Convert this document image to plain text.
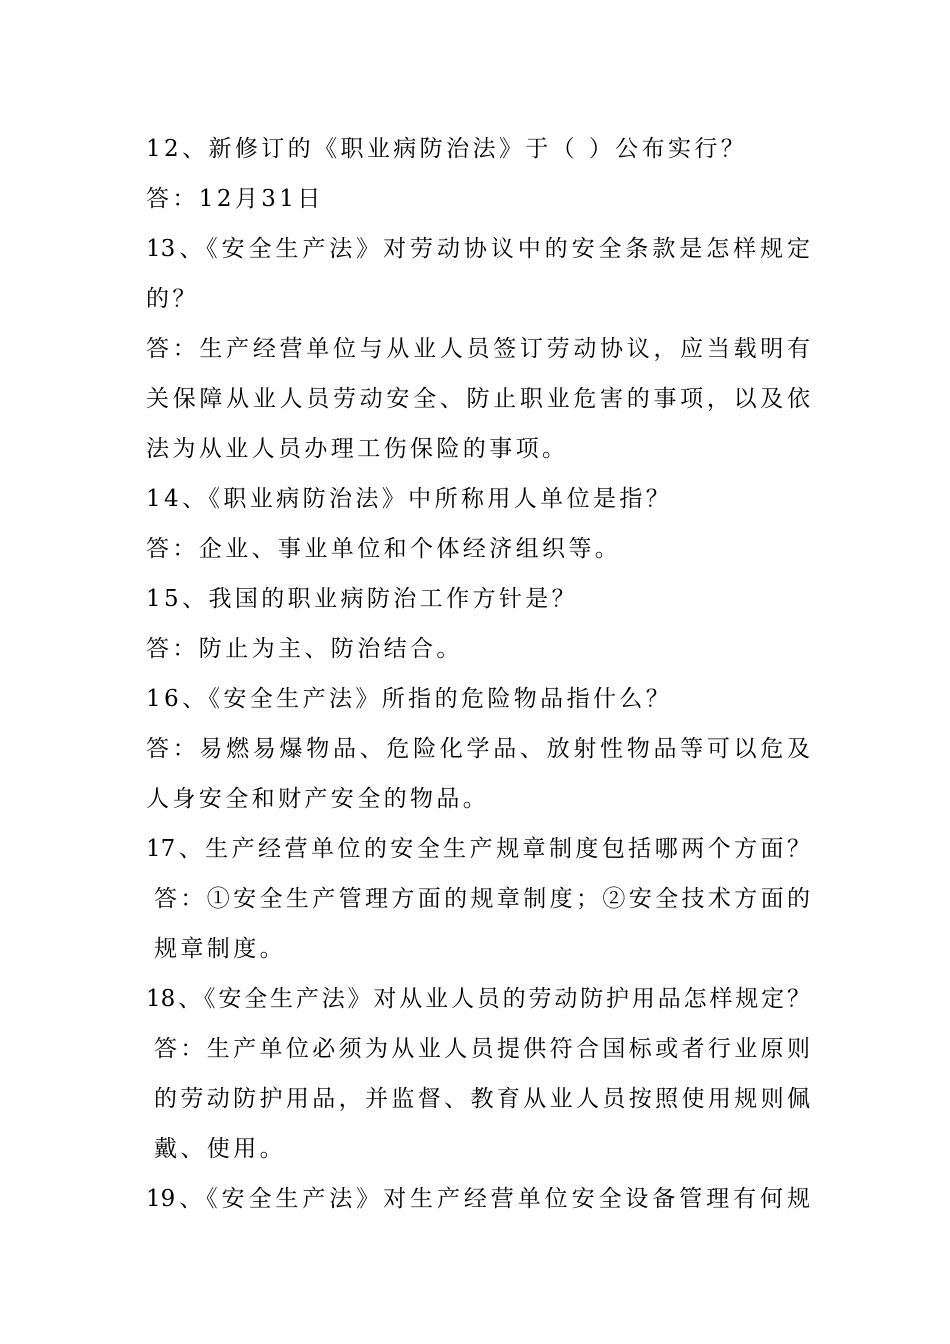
12、新修订的《职业病防治法》于（ ）公布实行？
答：12月31日
13、《安全生产法》对劳动协议中的安全条款是怎样规定
的？
答：生产经营单位与从业人员签订劳动协议，应当载明有
关保障从业人员劳动安全、防止职业危害的事项，以及依
法为从业人员办理工伤保险的事项。
14、《职业病防治法》中所称用人单位是指？
答：企业、事业单位和个体经济组织等。
15、我国的职业病防治工作方针是？
答：防止为主、防治结合。
16、《安全生产法》所指的危险物品指什么？
答：易燃易爆物品、危险化学品、放射性物品等可以危及
人身安全和财产安全的物品。
17、生产经营单位的安全生产规章制度包括哪两个方面？
答：①安全生产管理方面的规章制度；②安全技术方面的
规章制度。
18、《安全生产法》对从业人员的劳动防护用品怎样规定？
答：生产单位必须为从业人员提供符合国标或者行业原则
的劳动防护用品，并监督、教育从业人员按照使用规则佩
戴、使用。
19、《安全生产法》对生产经营单位安全设备管理有何规
